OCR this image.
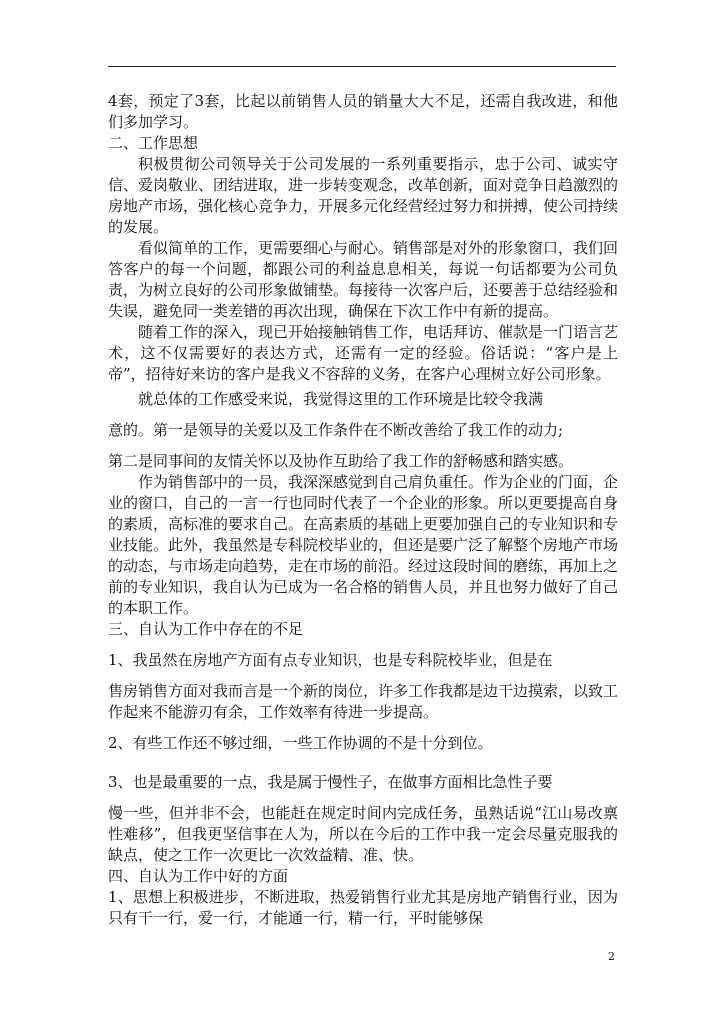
4套，预定了3套，比起以前销售人员的销量大大不足，还需自我改进，和他们多加学习。

二、工作思想

积极贯彻公司领导关于公司发展的一系列重要指示，忠于公司、诚实守信、爱岗敬业、团结进取，进一步转变观念，改革创新，面对竞争日趋激烈的房地产市场，强化核心竞争力，开展多元化经营经过努力和拼搏，使公司持续的发展。

看似简单的工作，更需要细心与耐心。销售部是对外的形象窗口，我们回答客户的每一个问题，都跟公司的利益息息相关，每说一句话都要为公司负责，为树立良好的公司形象做铺垫。每接待一次客户后，还要善于总结经验和失误，避免同一类差错的再次出现，确保在下次工作中有新的提高。

随着工作的深入，现已开始接触销售工作，电话拜访、催款是一门语言艺术，这不仅需要好的表达方式，还需有一定的经验。俗话说：“客户是上帝”，招待好来访的客户是我义不容辞的义务，在客户心理树立好公司形象。

就总体的工作感受来说，我觉得这里的工作环境是比较令我满

意的。第一是领导的关爱以及工作条件在不断改善给了我工作的动力;

第二是同事间的友情关怀以及协作互助给了我工作的舒畅感和踏实感。

作为销售部中的一员，我深深感觉到自己肩负重任。作为企业的门面，企业的窗口，自己的一言一行也同时代表了一个企业的形象。所以更要提高自身的素质，高标准的要求自己。在高素质的基础上更要加强自己的专业知识和专业技能。此外，我虽然是专科院校毕业的，但还是要广泛了解整个房地产市场的动态，与市场走向趋势，走在市场的前沿。经过这段时间的磨练，再加上之前的专业知识，我自认为已成为一名合格的销售人员，并且也努力做好了自己的本职工作。

三、自认为工作中存在的不足

1、我虽然在房地产方面有点专业知识，也是专科院校毕业，但是在

售房销售方面对我而言是一个新的岗位，许多工作我都是边干边摸索，以致工作起来不能游刃有余，工作效率有待进一步提高。

2、有些工作还不够过细，一些工作协调的不是十分到位。

3、也是最重要的一点，我是属于慢性子，在做事方面相比急性子要

慢一些，但并非不会，也能赶在规定时间内完成任务，虽熟话说“江山易改禀性难移”，但我更坚信事在人为，所以在今后的工作中我一定会尽量克服我的缺点，使之工作一次更比一次效益精、准、快。

四、自认为工作中好的方面

1、思想上积极进步，不断进取，热爱销售行业尤其是房地产销售行业，因为只有干一行，爱一行，才能通一行，精一行，平时能够保

2
